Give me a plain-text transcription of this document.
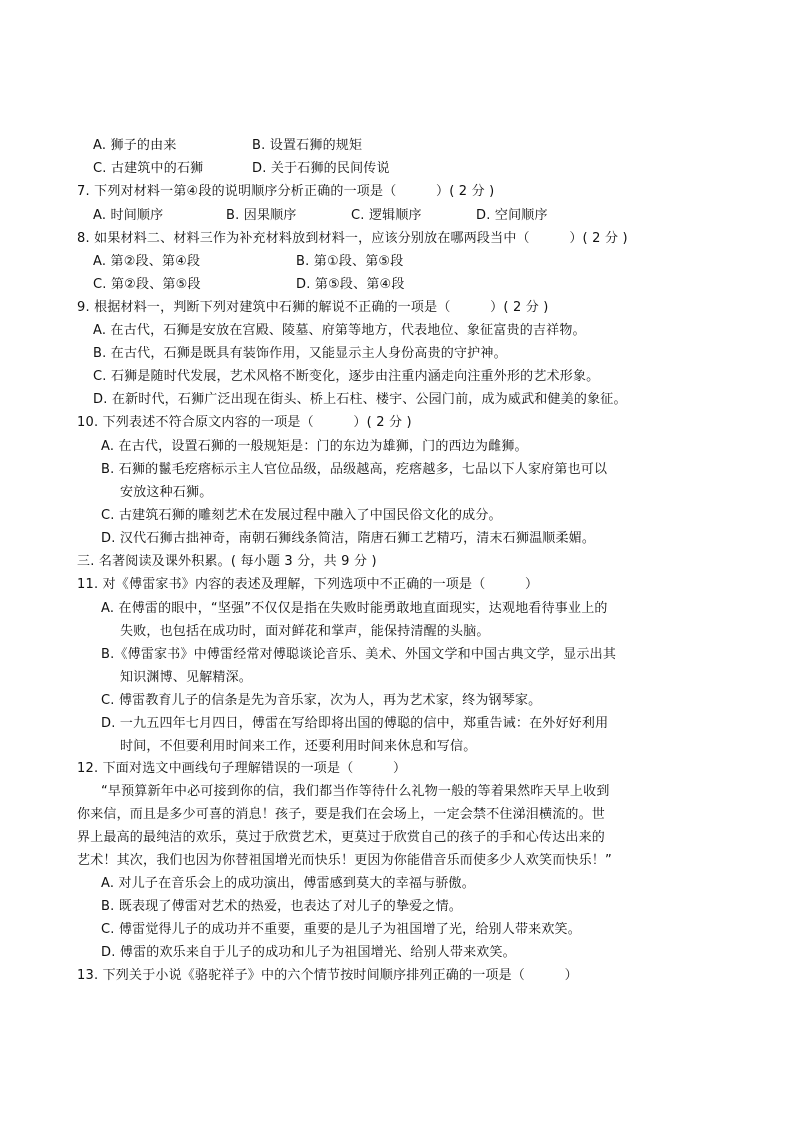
A. 狮子的由来	B. 设置石狮的规矩
C. 古建筑中的石狮	D. 关于石狮的民间传说
7. 下列对材料一第④段的说明顺序分析正确的一项是（　　　）( 2 分 )
A. 时间顺序	B. 因果顺序	C. 逻辑顺序	D. 空间顺序
8. 如果材料二、材料三作为补充材料放到材料一，应该分别放在哪两段当中（　　　）( 2 分 )
A. 第②段、第④段	B. 第①段、第⑤段
C. 第②段、第⑤段	D. 第⑤段、第④段
9. 根据材料一，判断下列对建筑中石狮的解说不正确的一项是（　　　）( 2 分 )
A. 在古代，石狮是安放在宫殿、陵墓、府第等地方，代表地位、象征富贵的吉祥物。
B. 在古代，石狮是既具有装饰作用，又能显示主人身份高贵的守护神。
C. 石狮是随时代发展，艺术风格不断变化，逐步由注重内涵走向注重外形的艺术形象。
D. 在新时代，石狮广泛出现在街头、桥上石柱、楼宇、公园门前，成为威武和健美的象征。
10. 下列表述不符合原文内容的一项是（　　　）( 2 分 )
A. 在古代，设置石狮的一般规矩是：门的东边为雄狮，门的西边为雌狮。
B. 石狮的鬣毛疙瘩标示主人官位品级，品级越高，疙瘩越多，七品以下人家府第也可以
安放这种石狮。
C. 古建筑石狮的雕刻艺术在发展过程中融入了中国民俗文化的成分。
D. 汉代石狮古拙神奇，南朝石狮线条简洁，隋唐石狮工艺精巧，清末石狮温顺柔媚。
三. 名著阅读及课外积累。( 每小题 3 分，共 9 分 )
11. 对《傅雷家书》内容的表述及理解，下列选项中不正确的一项是（　　　）
A. 在傅雷的眼中，“坚强”不仅仅是指在失败时能勇敢地直面现实，达观地看待事业上的
失败，也包括在成功时，面对鲜花和掌声，能保持清醒的头脑。
B.《傅雷家书》中傅雷经常对傅聪谈论音乐、美术、外国文学和中国古典文学，显示出其
知识渊博、见解精深。
C. 傅雷教育儿子的信条是先为音乐家，次为人，再为艺术家，终为钢琴家。
D. 一九五四年七月四日，傅雷在写给即将出国的傅聪的信中，郑重告诫：在外好好利用
时间，不但要利用时间来工作，还要利用时间来休息和写信。
12. 下面对选文中画线句子理解错误的一项是（　　　）
“早预算新年中必可接到你的信，我们都当作等待什么礼物一般的等着果然昨天早上收到
你来信，而且是多少可喜的消息！孩子，要是我们在会场上，一定会禁不住涕泪横流的。世
界上最高的最纯洁的欢乐，莫过于欣赏艺术，更莫过于欣赏自己的孩子的手和心传达出来的
艺术！其次，我们也因为你替祖国增光而快乐！更因为你能借音乐而使多少人欢笑而快乐！”
A. 对儿子在音乐会上的成功演出，傅雷感到莫大的幸福与骄傲。
B. 既表现了傅雷对艺术的热爱，也表达了对儿子的挚爱之情。
C. 傅雷觉得儿子的成功并不重要，重要的是儿子为祖国增了光，给别人带来欢笑。
D. 傅雷的欢乐来自于儿子的成功和儿子为祖国增光、给别人带来欢笑。
13. 下列关于小说《骆驼祥子》中的六个情节按时间顺序排列正确的一项是（　　　）
